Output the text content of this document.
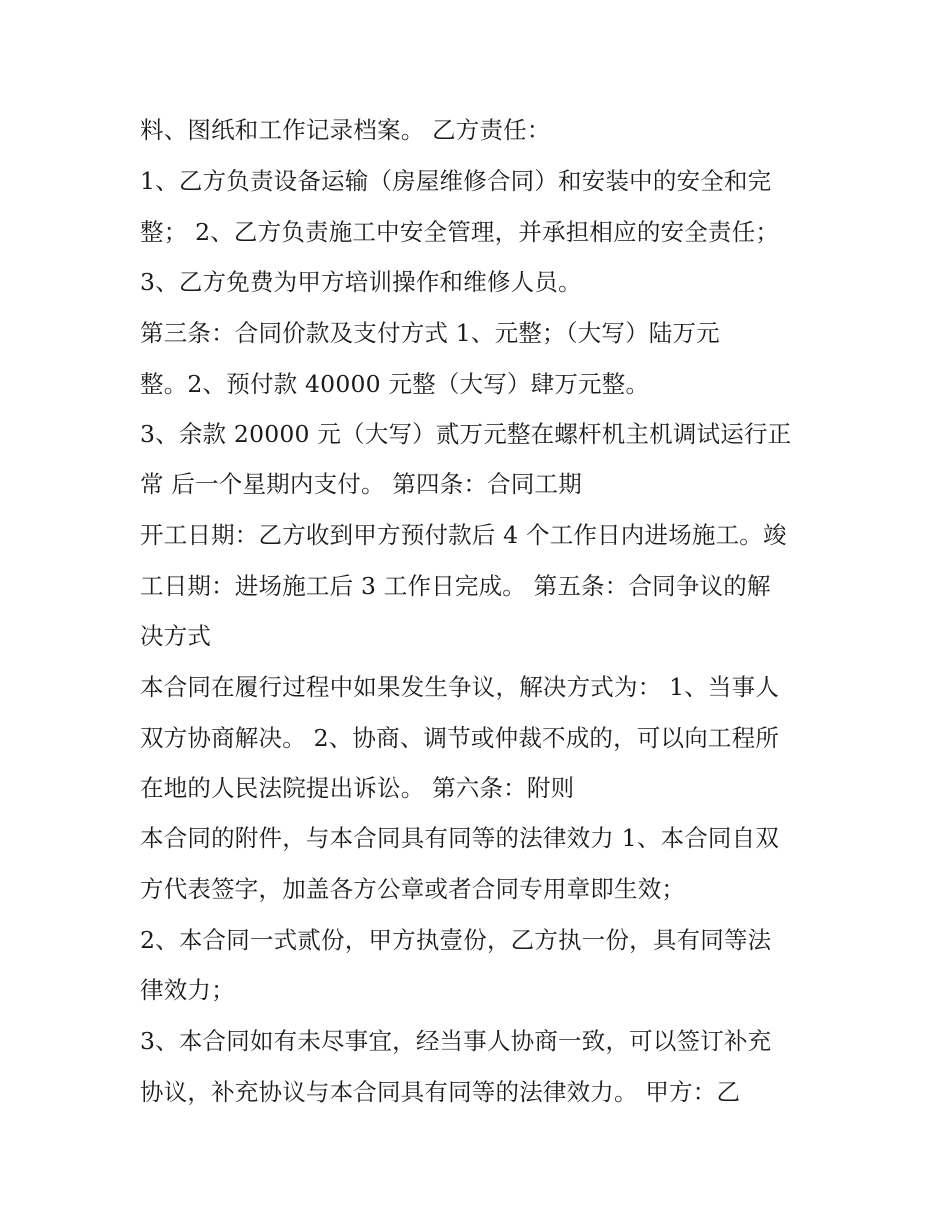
料、图纸和工作记录档案。 乙方责任：

1、乙方负责设备运输（房屋维修合同）和安装中的安全和完

整； 2、乙方负责施工中安全管理，并承担相应的安全责任；

3、乙方免费为甲方培训操作和维修人员。

第三条：合同价款及支付方式 1、元整；（大写）陆万元

整。2、预付款 40000 元整（大写）肆万元整。

3、余款 20000 元（大写）贰万元整在螺杆机主机调试运行正

常 后一个星期内支付。 第四条：合同工期

开工日期：乙方收到甲方预付款后 4 个工作日内进场施工。竣

工日期：进场施工后 3 工作日完成。 第五条：合同争议的解

决方式

本合同在履行过程中如果发生争议，解决方式为： 1、当事人

双方协商解决。 2、协商、调节或仲裁不成的，可以向工程所

在地的人民法院提出诉讼。 第六条：附则

本合同的附件，与本合同具有同等的法律效力 1、本合同自双

方代表签字，加盖各方公章或者合同专用章即生效；

2、本合同一式贰份，甲方执壹份，乙方执一份，具有同等法

律效力；

3、本合同如有未尽事宜，经当事人协商一致，可以签订补充

协议，补充协议与本合同具有同等的法律效力。 甲方：乙
